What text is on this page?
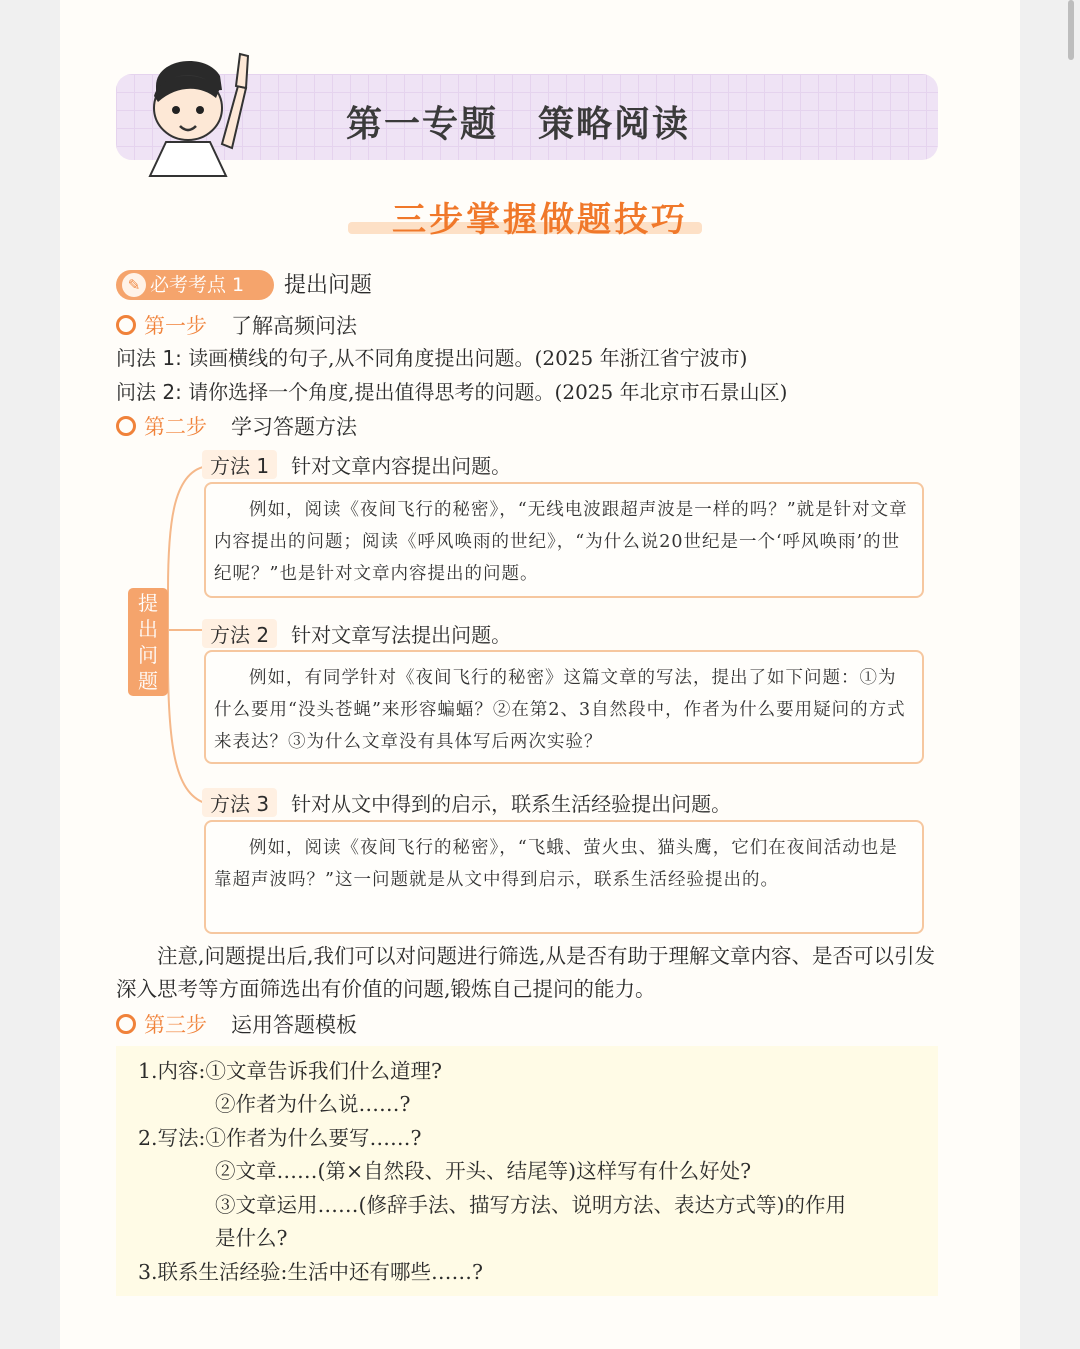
第一专题 策略阅读
三步掌握做题技巧
✎ 必考考点 1	提出问题
第一步 了解高频问法
问法 1: 读画横线的句子,从不同角度提出问题。(2025 年浙江省宁波市)
问法 2: 请你选择一个角度,提出值得思考的问题。(2025 年北京市石景山区)
第二步 学习答题方法
提
出
问
题
方法 1 针对文章内容提出问题。

例如，阅读《夜间飞行的秘密》，“无线电波跟超声波是一样的吗？”就是针对文章内容提出的问题；阅读《呼风唤雨的世纪》，“为什么说20世纪是一个‘呼风唤雨’的世纪呢？”也是针对文章内容提出的问题。

方法 2 针对文章写法提出问题。

例如，有同学针对《夜间飞行的秘密》这篇文章的写法，提出了如下问题：①为什么要用“没头苍蝇”来形容蝙蝠？②在第2、3自然段中，作者为什么要用疑问的方式来表达？③为什么文章没有具体写后两次实验？

方法 3 针对从文中得到的启示，联系生活经验提出问题。

例如，阅读《夜间飞行的秘密》，“飞蛾、萤火虫、猫头鹰，它们在夜间活动也是靠超声波吗？”这一问题就是从文中得到启示，联系生活经验提出的。

注意,问题提出后,我们可以对问题进行筛选,从是否有助于理解文章内容、是否可以引发深入思考等方面筛选出有价值的问题,锻炼自己提问的能力。

第三步 运用答题模板
1.内容:①文章告诉我们什么道理?
②作者为什么说……?
2.写法:①作者为什么要写……?
②文章……(第×自然段、开头、结尾等)这样写有什么好处?
③文章运用……(修辞手法、描写方法、说明方法、表达方式等)的作用
是什么?
3.联系生活经验:生活中还有哪些……?
